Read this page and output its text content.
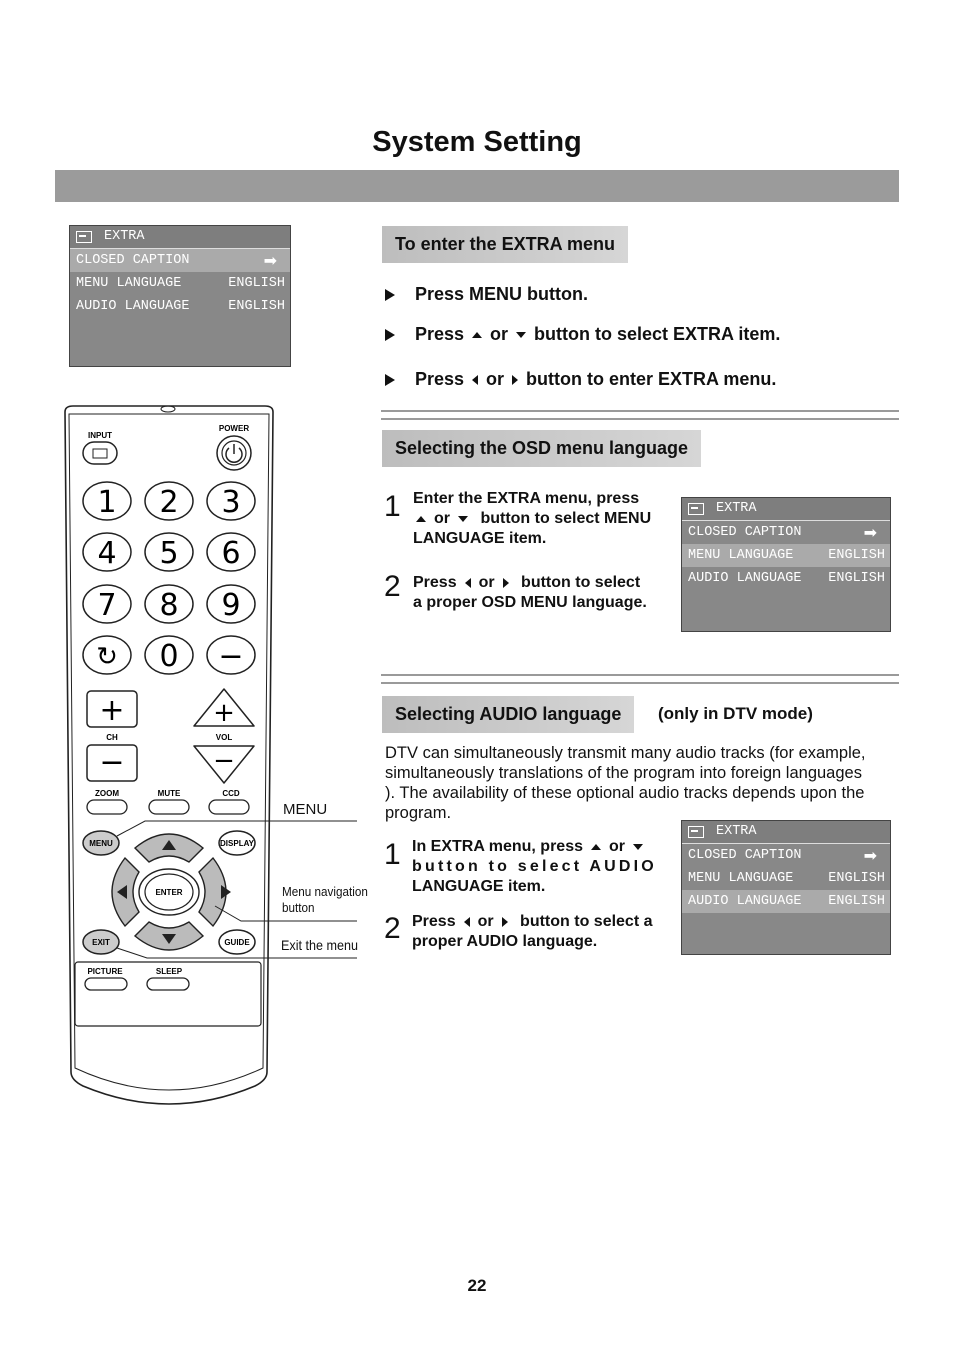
System Setting
EXTRA
CLOSED CAPTION	➡
MENU LANGUAGE	ENGLISH
AUDIO LANGUAGE	ENGLISH
To enter the EXTRA menu
Press MENU button.
Press or button to select EXTRA item.
Press or button to enter EXTRA menu.
Selecting the OSD menu language
1 Enter the EXTRA menu, press
or button to select MENU
LANGUAGE item.
2 Press or button to select
a proper OSD MENU language.
EXTRA
CLOSED CAPTION	➡
MENU LANGUAGE	ENGLISH
AUDIO LANGUAGE ENGLISH
Selecting AUDIO language	(only in DTV mode)
DTV can simultaneously transmit many audio tracks (for example,
simultaneously translations of the program into foreign languages
). The availability of these optional audio tracks depends upon the
program.
1 In EXTRA menu, press or
button to select AUDIO
LANGUAGE item.
2 Press or button to select a
proper AUDIO language.
EXTRA
CLOSED CAPTION	➡
MENU LANGUAGE	ENGLISH
AUDIO LANGUAGE ENGLISH
INPUT
POWER
1 2 3
4 5 6
7 8 9
↻ 0 −
+
CH
−
+
VOL
−
ZOOM	MUTE	CCD
MENU	DISPLAY
ENTER
EXIT	GUIDE
PICTURE	SLEEP
MENU
Menu navigation
button
Exit the menu
22
